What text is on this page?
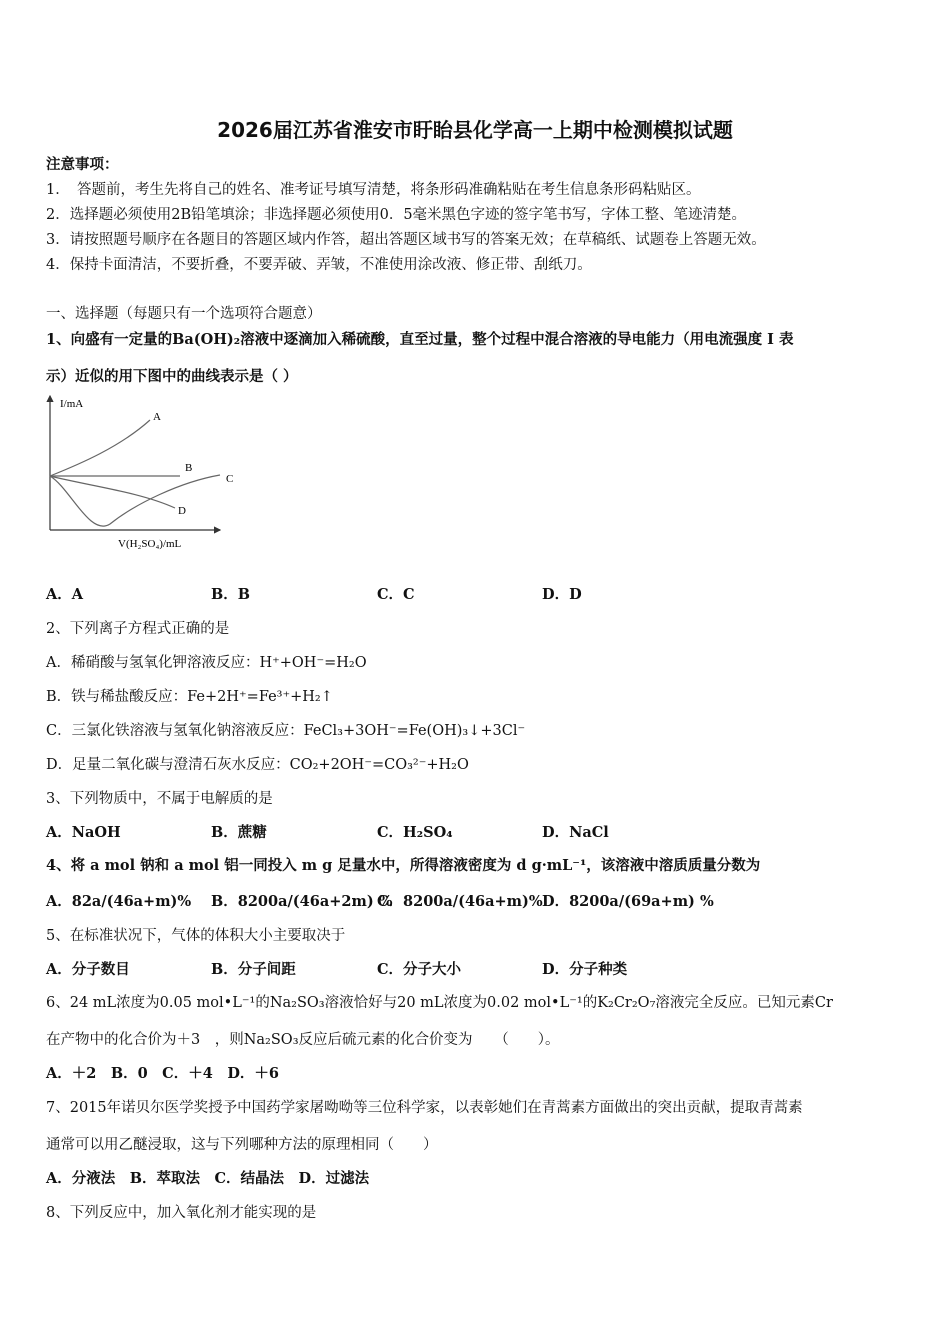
2026届江苏省淮安市盱眙县化学高一上期中检测模拟试题
注意事项：
1．　答题前，考生先将自己的姓名、准考证号填写清楚，将条形码准确粘贴在考生信息条形码粘贴区。
2．选择题必须使用2B铅笔填涂；非选择题必须使用0．5毫米黑色字迹的签字笔书写，字体工整、笔迹清楚。
3．请按照题号顺序在各题目的答题区域内作答，超出答题区域书写的答案无效；在草稿纸、试题卷上答题无效。
4．保持卡面清洁，不要折叠，不要弄破、弄皱，不准使用涂改液、修正带、刮纸刀。
一、选择题（每题只有一个选项符合题意）
1、向盛有一定量的Ba(OH)₂溶液中逐滴加入稀硫酸，直至过量，整个过程中混合溶液的导电能力（用电流强度 I 表
示）近似的用下图中的曲线表示是（ ）
I/mA
V(H₂SO₄)/mL
A
B
C
D
A．A	B．B	C．C	D．D
2、下列离子方程式正确的是
A．稀硝酸与氢氧化钾溶液反应：H⁺+OH⁻=H₂O
B．铁与稀盐酸反应：Fe+2H⁺=Fe³⁺+H₂↑
C．三氯化铁溶液与氢氧化钠溶液反应：FeCl₃+3OH⁻=Fe(OH)₃↓+3Cl⁻
D．足量二氧化碳与澄清石灰水反应：CO₂+2OH⁻=CO₃²⁻+H₂O
3、下列物质中，不属于电解质的是
A．NaOH	B．蔗糖	C．H₂SO₄	D．NaCl
4、将 a mol 钠和 a mol 铝一同投入 m g 足量水中，所得溶液密度为 d g·mL⁻¹，该溶液中溶质质量分数为
A．82a/(46a+m)% B．8200a/(46a+2m) %
C．8200a/(46a+m)% D．8200a/(69a+m) %
5、在标准状况下，气体的体积大小主要取决于
A．分子数目	B．分子间距	C．分子大小	D．分子种类
6、24 mL浓度为0.05 mol•L⁻¹的Na₂SO₃溶液恰好与20 mL浓度为0.02 mol•L⁻¹的K₂Cr₂O₇溶液完全反应。已知元素Cr
在产物中的化合价为＋3　，则Na₂SO₃反应后硫元素的化合价变为　　（　　）。
A．＋2　B．0　C．＋4　D．＋6
7、2015年诺贝尔医学奖授予中国药学家屠呦呦等三位科学家，以表彰她们在青蒿素方面做出的突出贡献，提取青蒿素
通常可以用乙醚浸取，这与下列哪种方法的原理相同（　　）
A．分液法　B．萃取法　C．结晶法　D．过滤法
8、下列反应中，加入氧化剂才能实现的是
